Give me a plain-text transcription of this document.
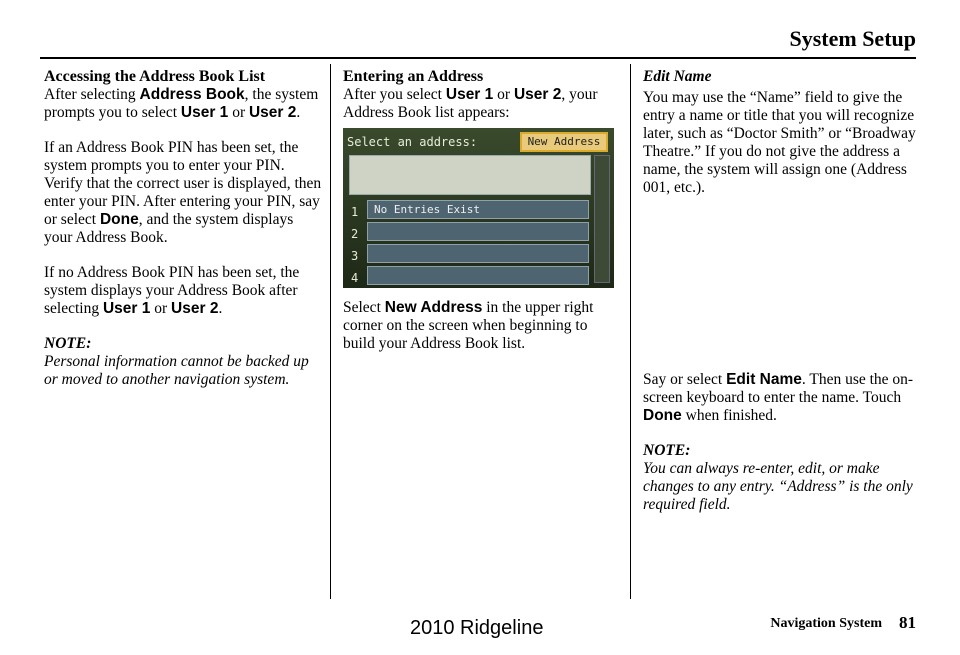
System Setup
Accessing the Address Book List

After selecting Address Book, the system prompts you to select User 1 or User 2.

If an Address Book PIN has been set, the system prompts you to enter your PIN. Verify that the correct user is displayed, then enter your PIN. After entering your PIN, say or select Done, and the system displays your Address Book.

If no Address Book PIN has been set, the system displays your Address Book after selecting User 1 or User 2.

NOTE:

Personal information cannot be backed up or moved to another navigation system.

Entering an Address

After you select User 1 or User 2, your Address Book list appears:

Select an address:	New Address
1	No Entries Exist
2
3
4

Select New Address in the upper right corner on the screen when beginning to build your Address Book list.

Edit Name

You may use the “Name” field to give the entry a name or title that you will recognize later, such as “Doctor Smith” or “Broadway Theatre.” If you do not give the address a name, the system will assign one (Address 001, etc.).

Say or select Edit Name. Then use the on-screen keyboard to enter the name. Touch Done when finished.

NOTE:

You can always re-enter, edit, or make changes to any entry. “Address” is the only required field.

Navigation System 81
2010 Ridgeline
